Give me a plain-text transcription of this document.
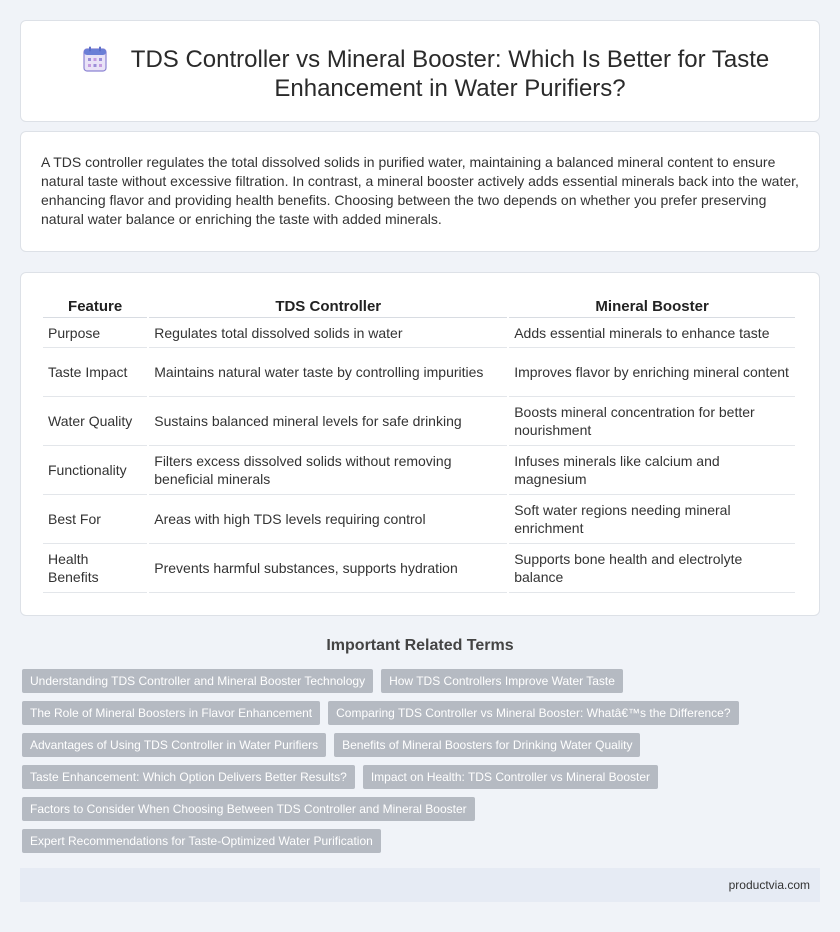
TDS Controller vs Mineral Booster: Which Is Better for Taste Enhancement in Water Purifiers?

A TDS controller regulates the total dissolved solids in purified water, maintaining a balanced mineral content to ensure natural taste without excessive filtration. In contrast, a mineral booster actively adds essential minerals back into the water, enhancing flavor and providing health benefits. Choosing between the two depends on whether you prefer preserving natural water balance or enriching the taste with added minerals.

Feature	TDS Controller	Mineral Booster
Purpose	Regulates total dissolved solids in water	Adds essential minerals to enhance taste
Taste Impact	Maintains natural water taste by controlling impurities	Improves flavor by enriching mineral content
Water Quality	Sustains balanced mineral levels for safe drinking	Boosts mineral concentration for better nourishment
Functionality	Filters excess dissolved solids without removing beneficial minerals	Infuses minerals like calcium and magnesium
Best For	Areas with high TDS levels requiring control	Soft water regions needing mineral enrichment
Health Benefits	Prevents harmful substances, supports hydration	Supports bone health and electrolyte balance
Important Related Terms
Understanding TDS Controller and Mineral Booster Technology	How TDS Controllers Improve Water Taste
The Role of Mineral Boosters in Flavor Enhancement	Comparing TDS Controller vs Mineral Booster: Whatâ€™s the Difference?
Advantages of Using TDS Controller in Water Purifiers	Benefits of Mineral Boosters for Drinking Water Quality
Taste Enhancement: Which Option Delivers Better Results?	Impact on Health: TDS Controller vs Mineral Booster
Factors to Consider When Choosing Between TDS Controller and Mineral Booster
Expert Recommendations for Taste-Optimized Water Purification
productvia.com
